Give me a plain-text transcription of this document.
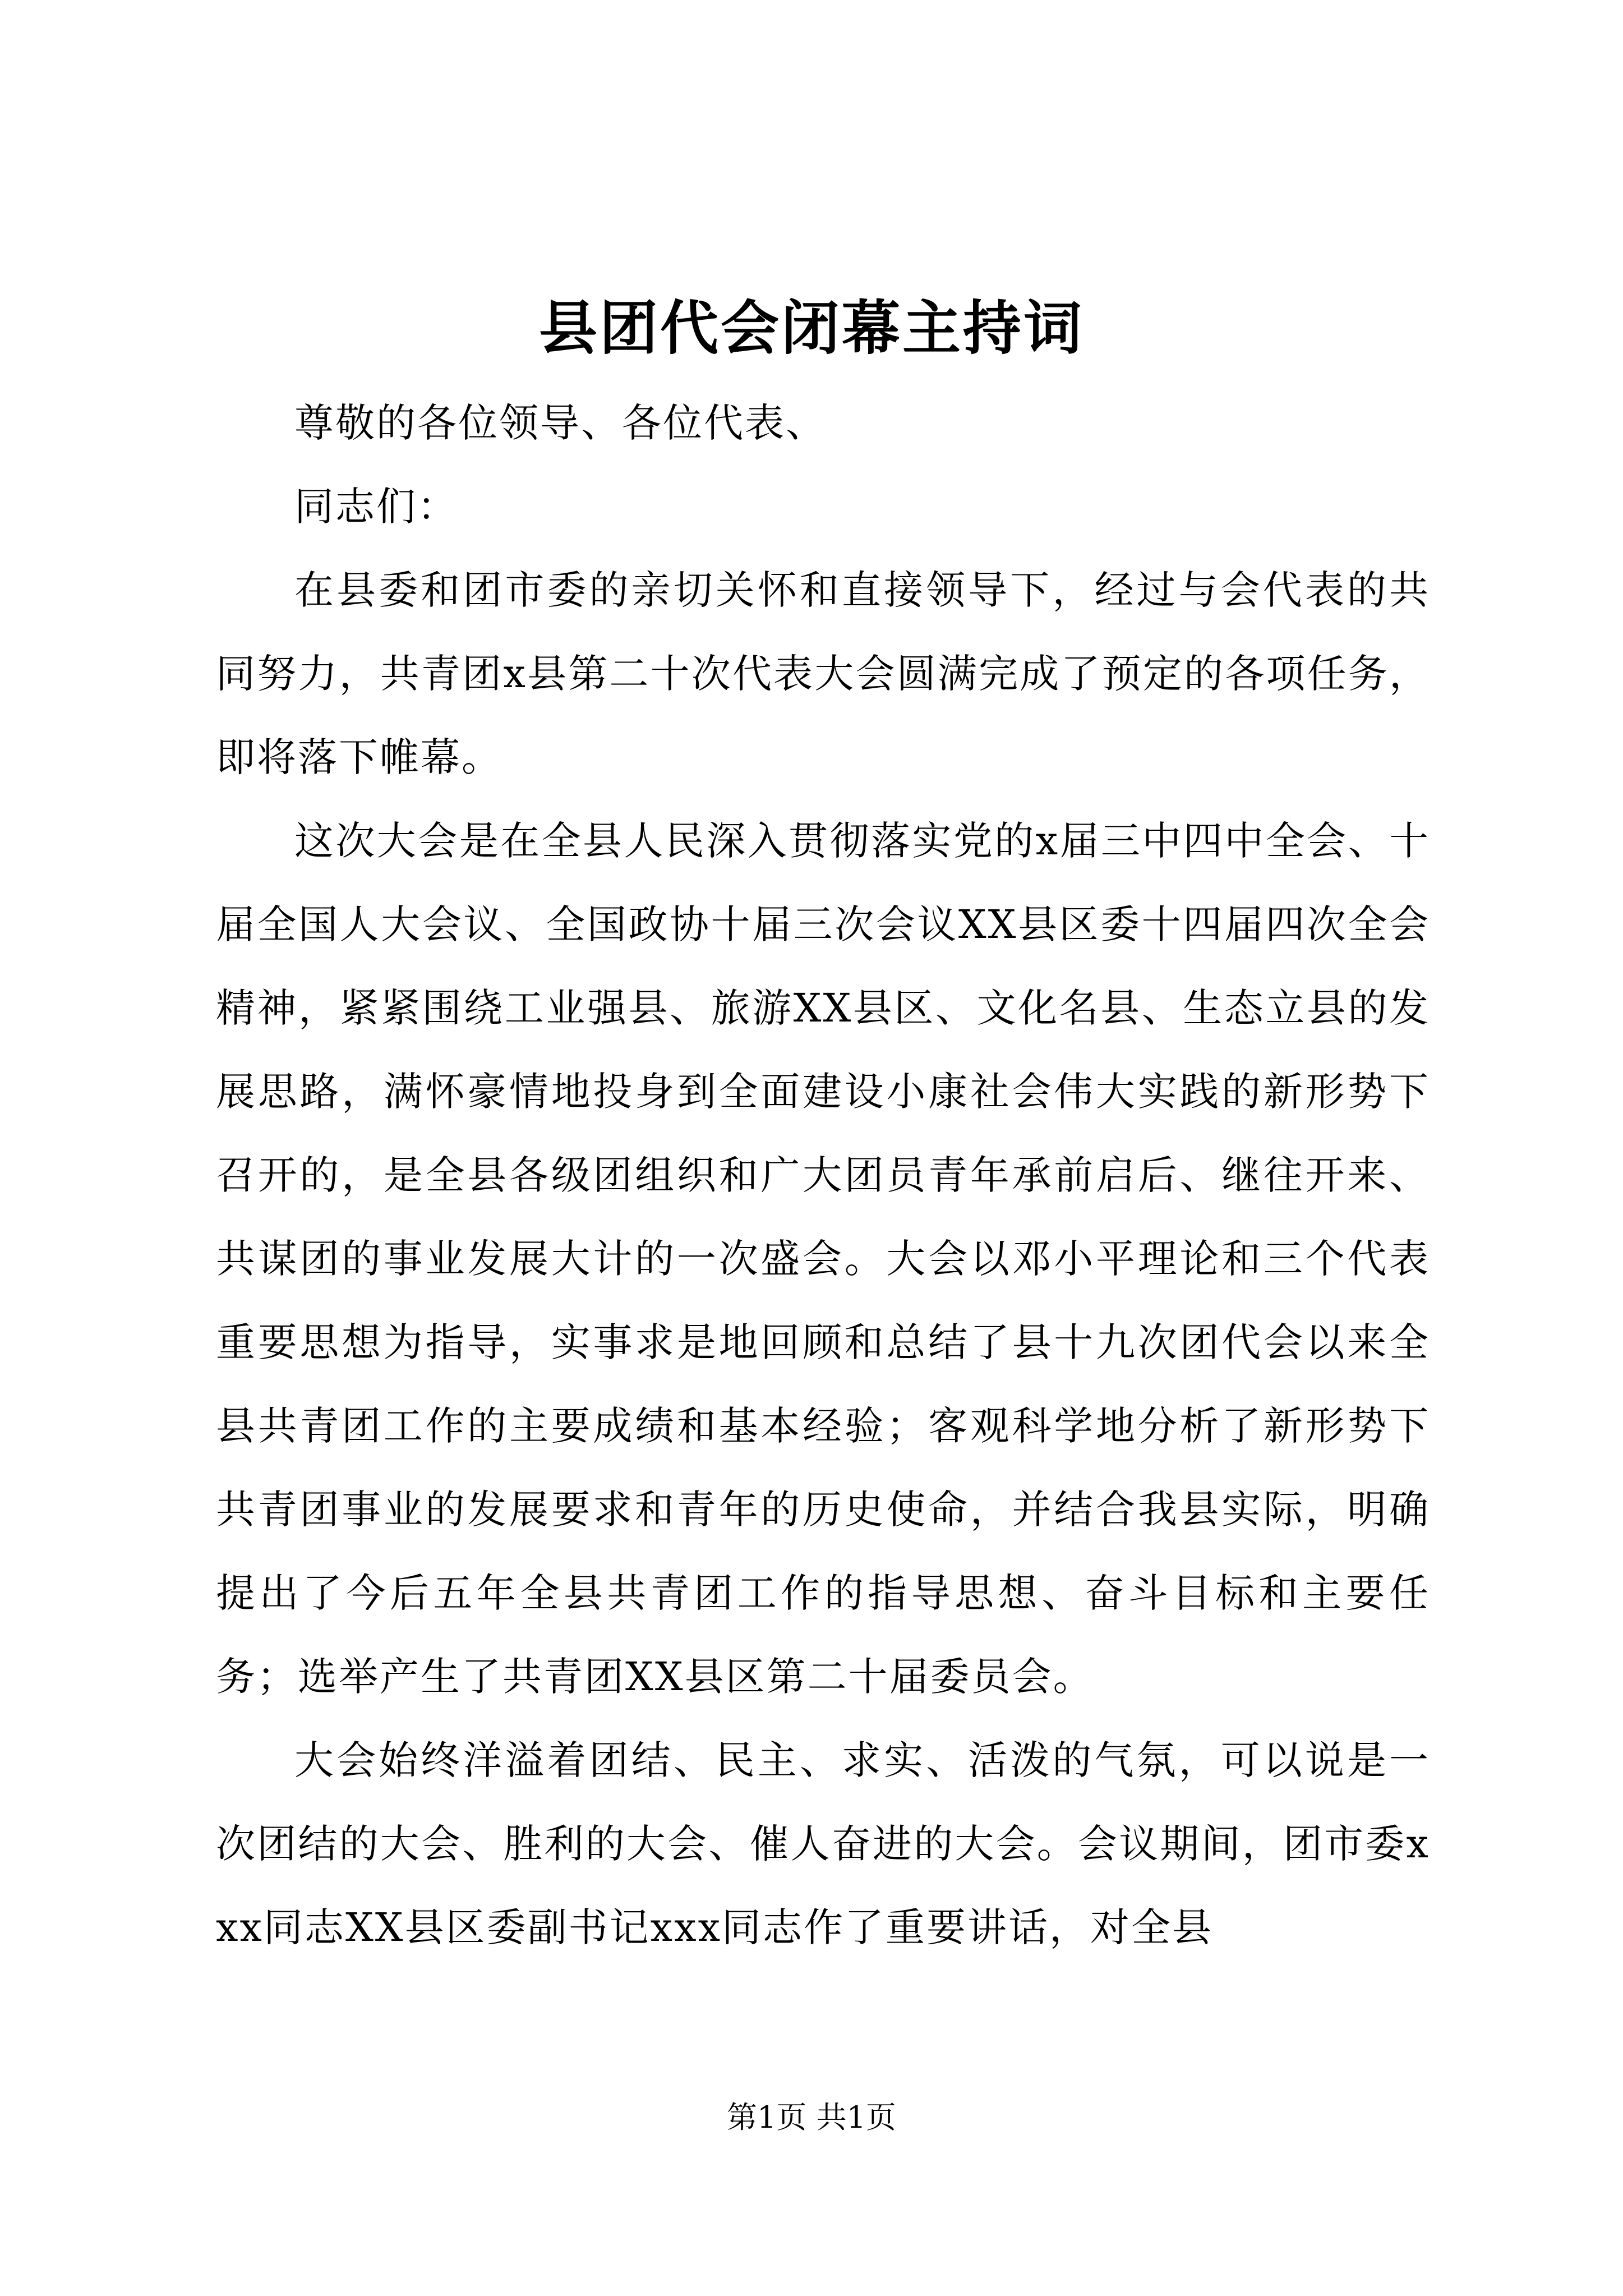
县团代会闭幕主持词

尊敬的各位领导、各位代表、

同志们：

在县委和团市委的亲切关怀和直接领导下，经过与会代表的共同努力，共青团x县第二十次代表大会圆满完成了预定的各项任务，即将落下帷幕。

这次大会是在全县人民深入贯彻落实党的x届三中四中全会、十届全国人大会议、全国政协十届三次会议XX县区委十四届四次全会精神，紧紧围绕工业强县、旅游XX县区、文化名县、生态立县的发展思路，满怀豪情地投身到全面建设小康社会伟大实践的新形势下召开的，是全县各级团组织和广大团员青年承前启后、继往开来、共谋团的事业发展大计的一次盛会。大会以邓小平理论和三个代表重要思想为指导，实事求是地回顾和总结了县十九次团代会以来全县共青团工作的主要成绩和基本经验；客观科学地分析了新形势下共青团事业的发展要求和青年的历史使命，并结合我县实际，明确提出了今后五年全县共青团工作的指导思想、奋斗目标和主要任务；选举产生了共青团XX县区第二十届委员会。

大会始终洋溢着团结、民主、求实、活泼的气氛，可以说是一次团结的大会、胜利的大会、催人奋进的大会。会议期间，团市委xxx同志XX县区委副书记xxx同志作了重要讲话，对全县

第1页 共1页
